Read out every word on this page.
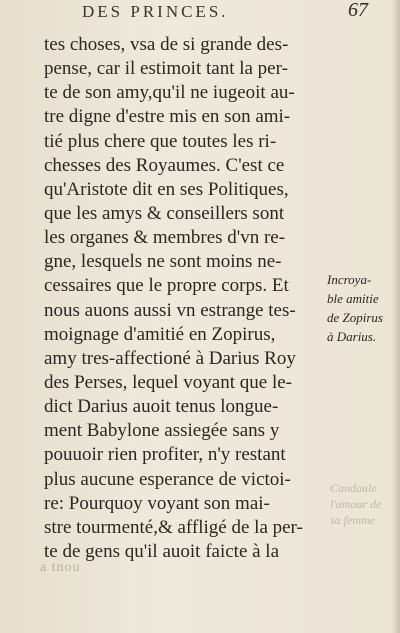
DES PRINCES.	67
tes choses, vsa de si grande des-
pense, car il estimoit tant la per-
te de son amy,qu'il ne iugeoit au-
tre digne d'estre mis en son ami-
tié plus chere que toutes les ri-
chesses des Royaumes. C'est ce
qu'Aristote dit en ses Politiques,
que les amys & conseillers sont
les organes & membres d'vn re-
gne, lesquels ne sont moins ne-
cessaires que le propre corps. Et
nous auons aussi vn estrange tes-
moignage d'amitié en Zopirus,
amy tres-affectioné à Darius Roy
des Perses, lequel voyant que le-
dict Darius auoit tenus longue-
ment Babylone assiegée sans y
pouuoir rien profiter, n'y restant
plus aucune esperance de victoi-
re: Pourquoy voyant son mai-
stre tourmenté,& affligé de la per-
te de gens qu'il auoit faicte à la
Incroya-
ble amitie
de Zopirus
à Darius.
Candaule
l'amour de
sa femme
a tnou
